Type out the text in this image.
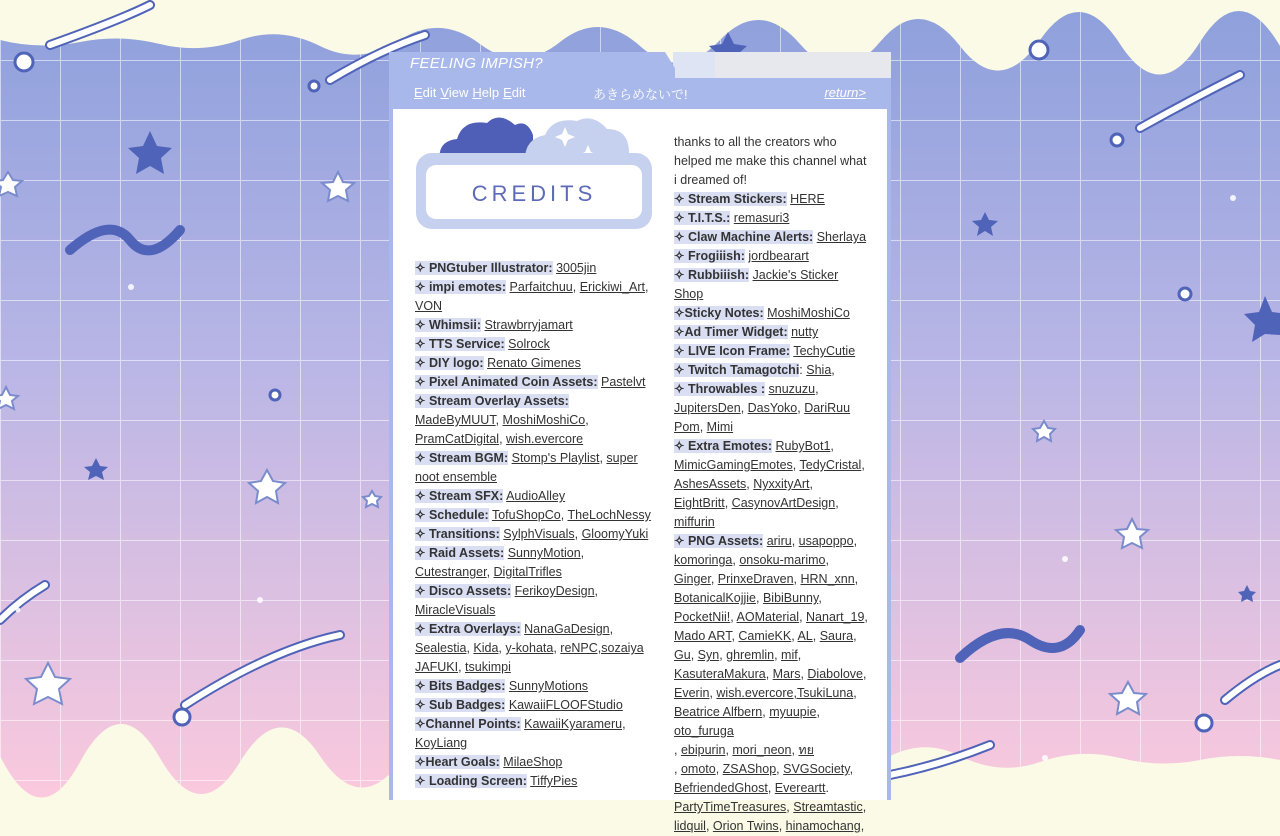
FEELING IMPISH?
Edit View Help Edit	あきらめないで!	return>
CREDITS
✧ PNGtuber Illustrator: 3005jin
✧ impi emotes: Parfaitchuu, Erickiwi_Art, VON
✧ Whimsii: Strawbrryjamart
✧ TTS Service: Solrock
✧ DIY logo: Renato Gimenes
✧ Pixel Animated Coin Assets: Pastelvt
✧ Stream Overlay Assets: MadeByMUUT, MoshiMoshiCo, PramCatDigital, wish.evercore
✧ Stream BGM: Stomp's Playlist, super noot ensemble
✧ Stream SFX: AudioAlley
✧ Schedule: TofuShopCo, TheLochNessy
✧ Transitions: SylphVisuals, GloomyYuki
✧ Raid Assets: SunnyMotion, Cutestranger, DigitalTrifles
✧ Disco Assets: FerikoyDesign, MiracleVisuals
✧ Extra Overlays: NanaGaDesign, Sealestia, Kida, y-kohata, reNPC,sozaiya JAFUKI, tsukimpi
✧ Bits Badges: SunnyMotions
✧ Sub Badges: KawaiiFLOOFStudio
✧Channel Points: KawaiiKyarameru, KoyLiang
✧Heart Goals: MilaeShop
✧ Loading Screen: TiffyPies
thanks to all the creators who helped me make this channel what i dreamed of!
✧ Stream Stickers: HERE
✧ T.I.T.S.: remasuri3
✧ Claw Machine Alerts: Sherlaya
✧ Frogiiish: jordbearart
✧ Rubbiiish: Jackie's Sticker Shop
✧Sticky Notes: MoshiMoshiCo
✧Ad Timer Widget: nutty
✧ LIVE Icon Frame: TechyCutie
✧ Twitch Tamagotchi: Shia,
✧ Throwables : snuzuzu, JupitersDen, DasYoko, DariRuu Pom, Mimi
✧ Extra Emotes: RubyBot1, MimicGamingEmotes, TedyCristal, AshesAssets, NyxxityArt, EightBritt, CasynovArtDesign, miffurin
✧ PNG Assets: ariru, usapoppo, komoringa, onsoku-marimo, Ginger, PrinxeDraven, HRN_xnn, BotanicalKojjie, BibiBunny, PocketNii!, AOMaterial, Nanart_19, Mado ART, CamieKK, AL, Saura, Gu, Syn, ghremlin, mif, KasuteraMakura, Mars, Diabolove, Everin, wish.evercore,TsukiLuna, Beatrice Alfbern, myuupie, oto_furuga
, ebipurin, mori_neon, ทย
, omoto, ZSAShop, SVGSociety, BefriendedGhost, Evereartt.
PartyTimeTreasures, Streamtastic, lidquil, Orion Twins, hinamochang,
